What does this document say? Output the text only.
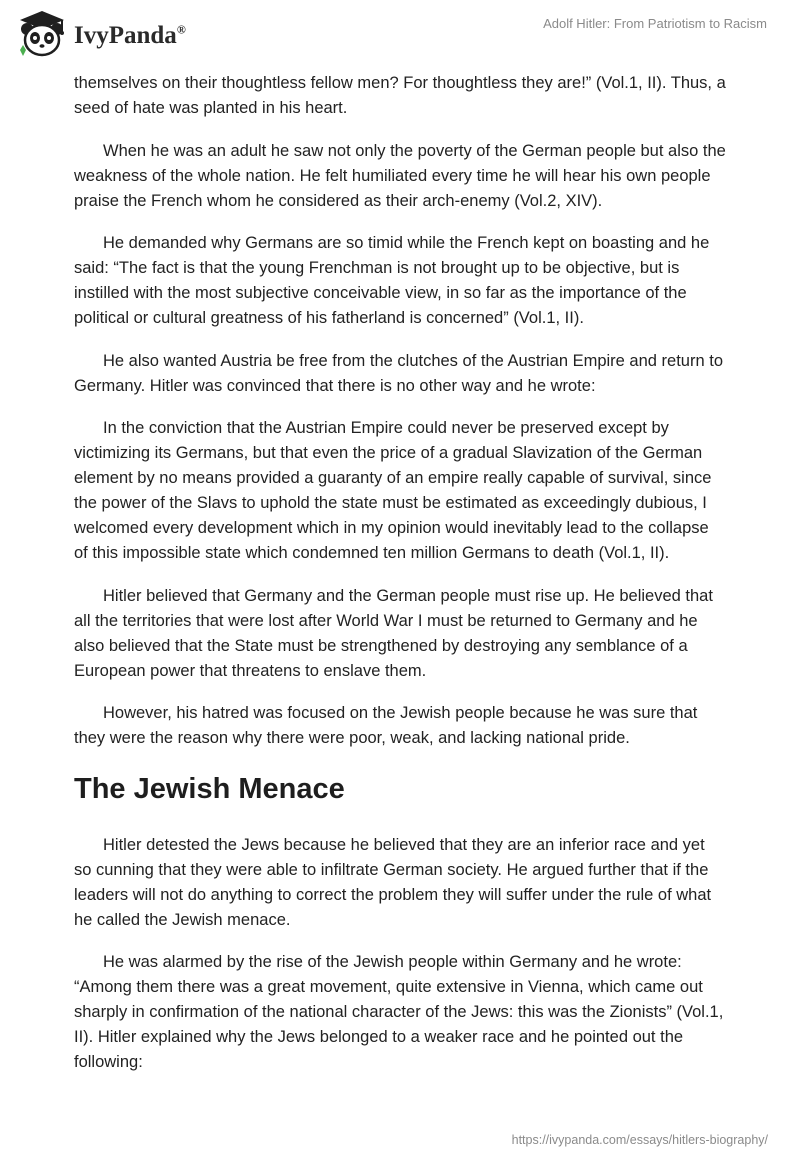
IvyPanda®	Adolf Hitler: From Patriotism to Racism

themselves on their thoughtless fellow men? For thoughtless they are!” (Vol.1, II). Thus, a seed of hate was planted in his heart.

When he was an adult he saw not only the poverty of the German people but also the weakness of the whole nation. He felt humiliated every time he will hear his own people praise the French whom he considered as their arch-enemy (Vol.2, XIV).

He demanded why Germans are so timid while the French kept on boasting and he said: “The fact is that the young Frenchman is not brought up to be objective, but is instilled with the most subjective conceivable view, in so far as the importance of the political or cultural greatness of his fatherland is concerned” (Vol.1, II).

He also wanted Austria be free from the clutches of the Austrian Empire and return to Germany. Hitler was convinced that there is no other way and he wrote:

In the conviction that the Austrian Empire could never be preserved except by victimizing its Germans, but that even the price of a gradual Slavization of the German element by no means provided a guaranty of an empire really capable of survival, since the power of the Slavs to uphold the state must be estimated as exceedingly dubious, I welcomed every development which in my opinion would inevitably lead to the collapse of this impossible state which condemned ten million Germans to death (Vol.1, II).

Hitler believed that Germany and the German people must rise up. He believed that all the territories that were lost after World War I must be returned to Germany and he also believed that the State must be strengthened by destroying any semblance of a European power that threatens to enslave them.

However, his hatred was focused on the Jewish people because he was sure that they were the reason why there were poor, weak, and lacking national pride.

The Jewish Menace

Hitler detested the Jews because he believed that they are an inferior race and yet so cunning that they were able to infiltrate German society. He argued further that if the leaders will not do anything to correct the problem they will suffer under the rule of what he called the Jewish menace.

He was alarmed by the rise of the Jewish people within Germany and he wrote: “Among them there was a great movement, quite extensive in Vienna, which came out sharply in confirmation of the national character of the Jews: this was the Zionists” (Vol.1, II). Hitler explained why the Jews belonged to a weaker race and he pointed out the following:

https://ivypanda.com/essays/hitlers-biography/
